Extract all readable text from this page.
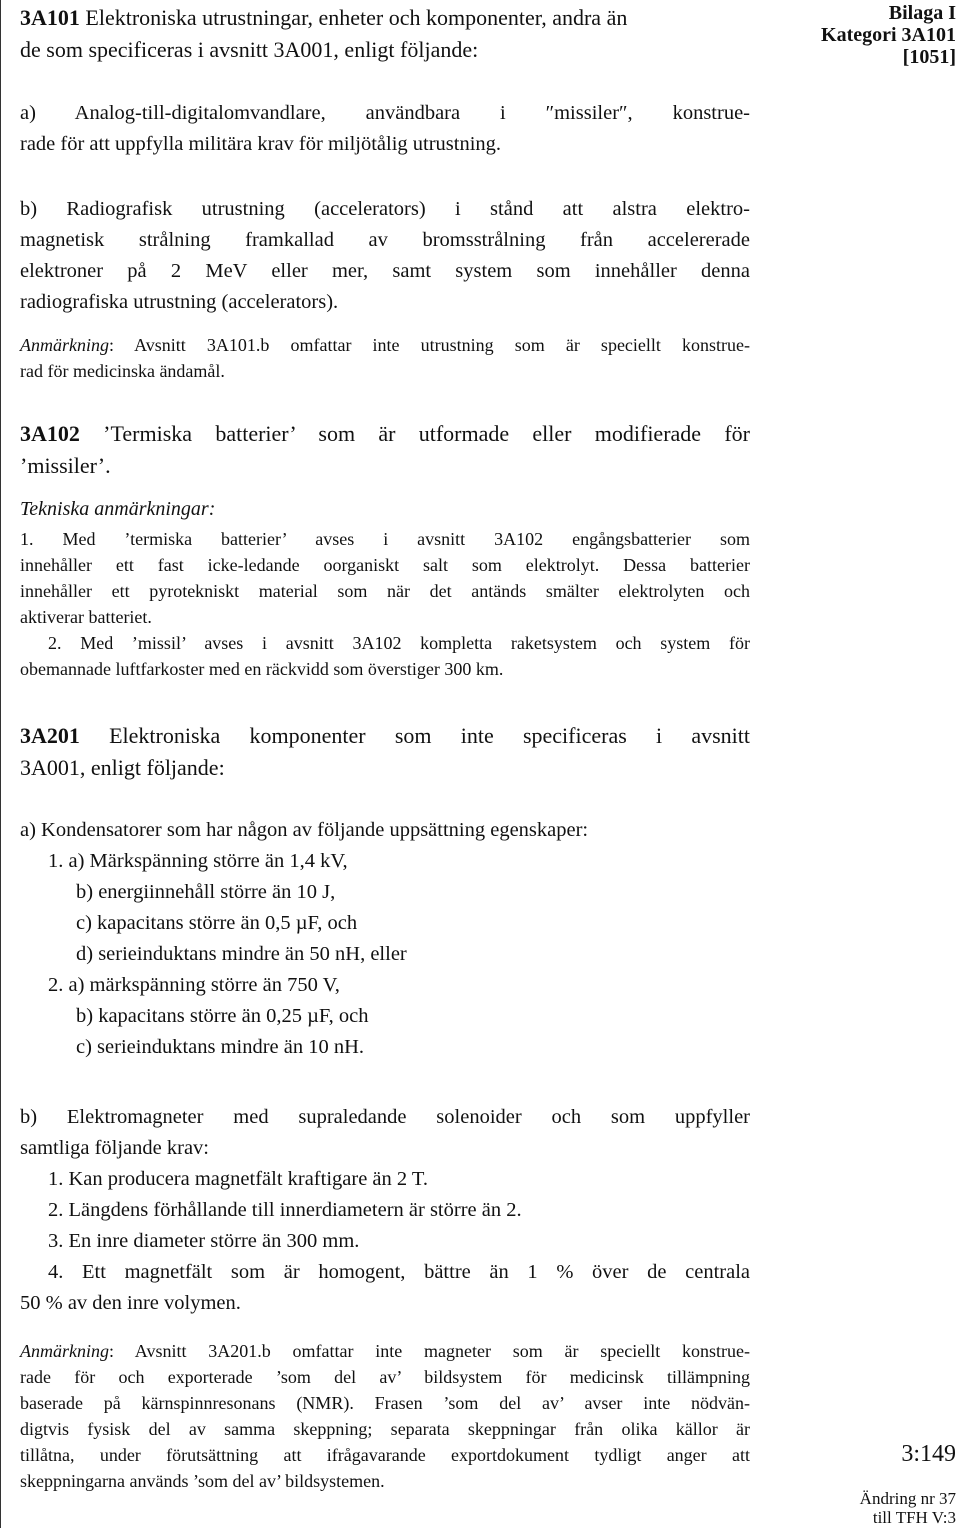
Bilaga I
Kategori 3A101
[1051]

3A101 Elektroniska utrustningar, enheter och komponenter, andra än

de som specificeras i avsnitt 3A001, enligt följande:

a) Analog-till-digitalomvandlare, användbara i ″missiler″, konstrue-

rade för att uppfylla militära krav för miljötålig utrustning.

b) Radiografisk utrustning (accelerators) i stånd att alstra elektro-

magnetisk strålning framkallad av bromsstrålning från accelererade

elektroner på 2 MeV eller mer, samt system som innehåller denna

radiografiska utrustning (accelerators).

Anmärkning: Avsnitt 3A101.b omfattar inte utrustning som är speciellt konstrue-

rad för medicinska ändamål.

3A102 ’Termiska batterier’ som är utformade eller modifierade för

’missiler’.

Tekniska anmärkningar:

1. Med ’termiska batterier’ avses i avsnitt 3A102 engångsbatterier som

innehåller ett fast icke-ledande oorganiskt salt som elektrolyt. Dessa batterier

innehåller ett pyrotekniskt material som när det antänds smälter elektrolyten och

aktiverar batteriet.

2. Med ’missil’ avses i avsnitt 3A102 kompletta raketsystem och system för

obemannade luftfarkoster med en räckvidd som överstiger 300 km.

3A201 Elektroniska komponenter som inte specificeras i avsnitt

3A001, enligt följande:

a) Kondensatorer som har någon av följande uppsättning egenskaper:

1. a) Märkspänning större än 1,4 kV,

b) energiinnehåll större än 10 J,

c) kapacitans större än 0,5 µF, och

d) serieinduktans mindre än 50 nH, eller

2. a) märkspänning större än 750 V,

b) kapacitans större än 0,25 µF, och

c) serieinduktans mindre än 10 nH.

b) Elektromagneter med supraledande solenoider och som uppfyller

samtliga följande krav:

1. Kan producera magnetfält kraftigare än 2 T.

2. Längdens förhållande till innerdiametern är större än 2.

3. En inre diameter större än 300 mm.

4. Ett magnetfält som är homogent, bättre än 1 % över de centrala

50 % av den inre volymen.

Anmärkning: Avsnitt 3A201.b omfattar inte magneter som är speciellt konstrue-

rade för och exporterade ’som del av’ bildsystem för medicinsk tillämpning

baserade på kärnspinnresonans (NMR). Frasen ’som del av’ avser inte nödvän-

digtvis fysisk del av samma skeppning; separata skeppningar från olika källor är

tillåtna, under förutsättning att ifrågavarande exportdokument tydligt anger att

skeppningarna används ’som del av’ bildsystemen.

3:149
Ändring nr 37
till TFH V:3
